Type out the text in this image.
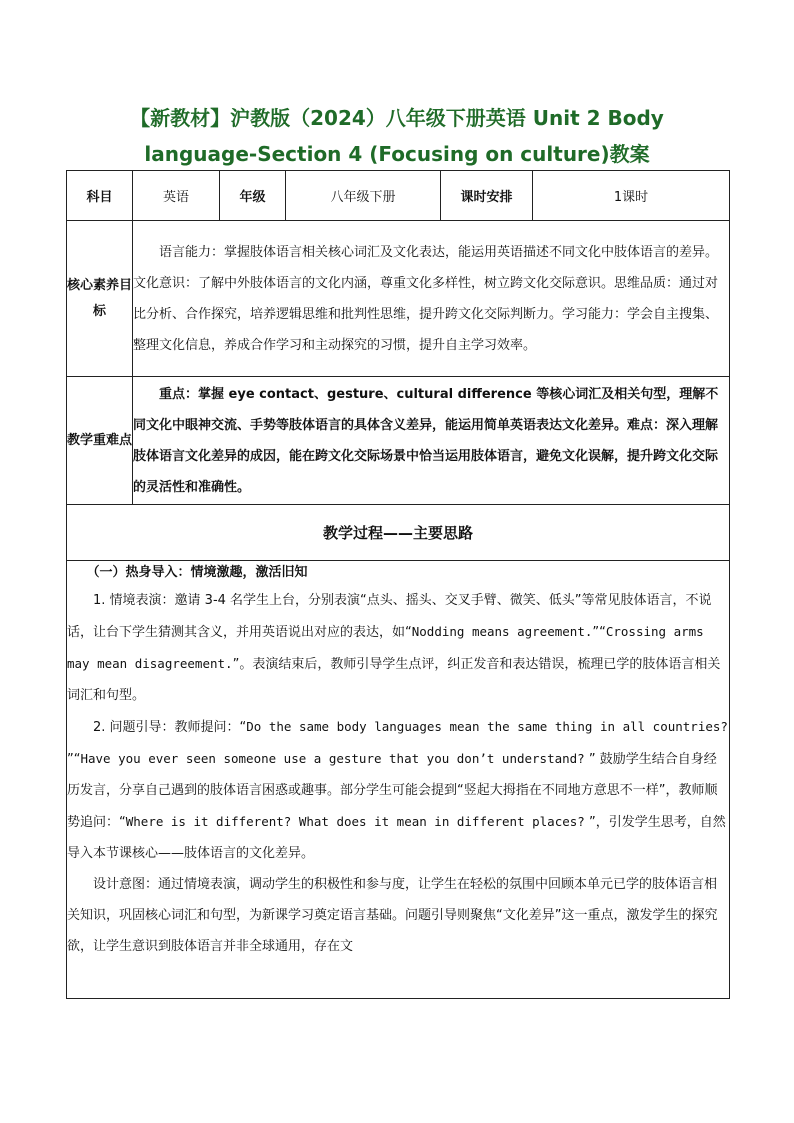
【新教材】沪教版（2024）八年级下册英语 Unit 2 Body
language-Section 4 (Focusing on culture)教案
科目	英语	年级	八年级下册	课时安排	1课时
核心素养目标	语言能力：掌握肢体语言相关核心词汇及文化表达，能运用英语描述不同文化中肢体语言的差异。文化意识：了解中外肢体语言的文化内涵，尊重文化多样性，树立跨文化交际意识。思维品质：通过对比分析、合作探究，培养逻辑思维和批判性思维，提升跨文化交际判断力。学习能力：学会自主搜集、整理文化信息，养成合作学习和主动探究的习惯，提升自主学习效率。				
教学重难点	重点：掌握 eye contact、gesture、cultural difference 等核心词汇及相关句型，理解不同文化中眼神交流、手势等肢体语言的具体含义差异，能运用简单英语表达文化差异。难点：深入理解肢体语言文化差异的成因，能在跨文化交际场景中恰当运用肢体语言，避免文化误解，提升跨文化交际的灵活性和准确性。				
教学过程——主要思路					

（一）热身导入：情境激趣，激活旧知

1. 情境表演：邀请 3-4 名学生上台，分别表演“点头、摇头、交叉手臂、微笑、低头”等常见肢体语言，不说话，让台下学生猜测其含义，并用英语说出对应的表达，如“Nodding means agreement.”“Crossing arms may mean disagreement.”。表演结束后，教师引导学生点评，纠正发音和表达错误，梳理已学的肢体语言相关词汇和句型。

2. 问题引导：教师提问：“Do the same body languages mean the same thing in all countries? ”“Have you ever seen someone use a gesture that you don’t understand? ” 鼓励学生结合自身经历发言，分享自己遇到的肢体语言困惑或趣事。部分学生可能会提到“竖起大拇指在不同地方意思不一样”，教师顺势追问：“Where is it different? What does it mean in different places? ”，引发学生思考，自然导入本节课核心——肢体语言的文化差异。

设计意图：通过情境表演，调动学生的积极性和参与度，让学生在轻松的氛围中回顾本单元已学的肢体语言相关知识，巩固核心词汇和句型，为新课学习奠定语言基础。问题引导则聚焦“文化差异”这一重点，激发学生的探究欲，让学生意识到肢体语言并非全球通用，存在文					
